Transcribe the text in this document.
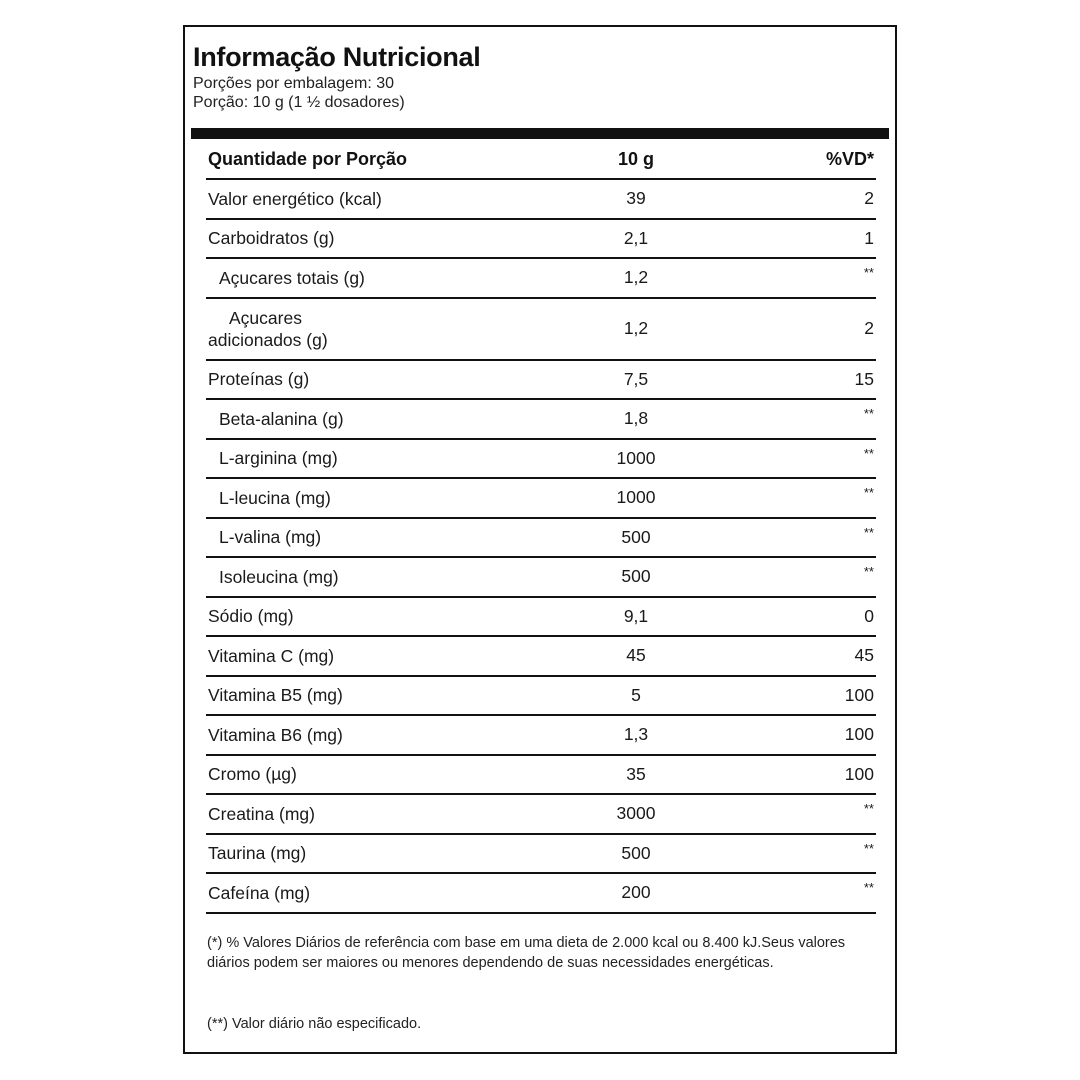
Informação Nutricional
Porções por embalagem: 30
Porção: 10 g (1 ½ dosadores)
Quantidade por Porção	10 g	%VD*
Valor energético (kcal)	39	2
Carboidratos (g)	2,1	1
Açucares totais (g)	1,2	**
Açucares
adicionados (g)
1,2	2
Proteínas (g)	7,5	15
Beta-alanina (g)	1,8	**
L-arginina (mg)	1000	**
L-leucina (mg)	1000	**
L-valina (mg)	500	**
Isoleucina (mg)	500	**
Sódio (mg)	9,1	0
Vitamina C (mg)	45	45
Vitamina B5 (mg)	5	100
Vitamina B6 (mg)	1,3	100
Cromo (µg)	35	100
Creatina (mg)	3000	**
Taurina (mg)	500	**
Cafeína (mg)	200	**
(*) % Valores Diários de referência com base em uma dieta de 2.000 kcal ou 8.400 kJ.Seus valores diários podem ser maiores ou menores dependendo de suas necessidades energéticas.
(**) Valor diário não especificado.
